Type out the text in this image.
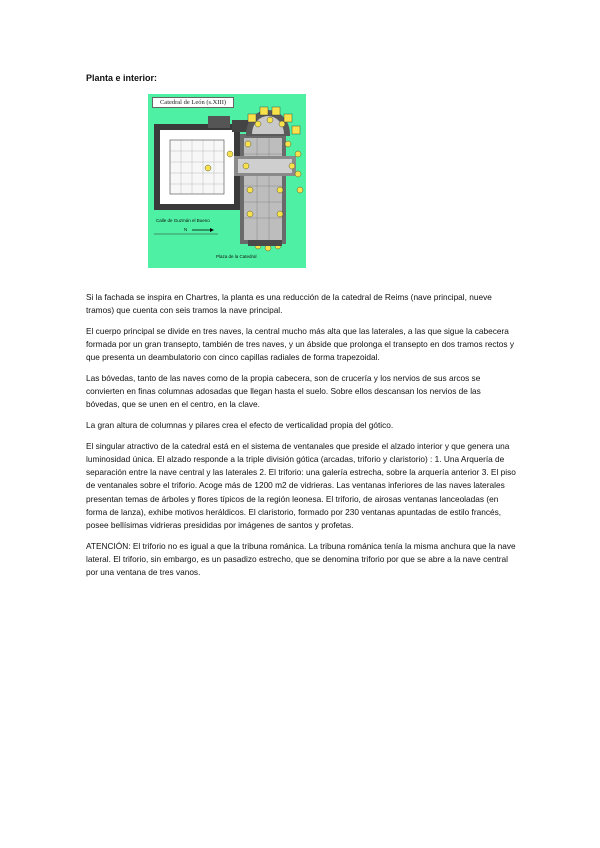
Planta e interior:
Catedral de León (s.XIII)
Calle de Guzmán el Bueno
N
Plaza de la Catedral

Si la fachada se inspira en Chartres, la planta es una reducción de la catedral de Reims (nave principal, nueve tramos) que cuenta con seis tramos la nave principal.

El cuerpo principal se divide en tres naves, la central mucho más alta que las laterales, a las que sigue la cabecera formada por un gran transepto, también de tres naves, y un ábside que prolonga el transepto en dos tramos rectos y que presenta un deambulatorio con cinco capillas radiales de forma trapezoidal.

Las bóvedas, tanto de las naves como de la propia cabecera, son de crucería y los nervios de sus arcos se convierten en finas columnas adosadas que llegan hasta el suelo. Sobre ellos descansan los nervios de las bóvedas, que se unen en el centro, en la clave.

La gran altura de columnas y pilares crea el efecto de verticalidad propia del gótico.

El singular atractivo de la catedral está en el sistema de ventanales que preside el alzado interior y que genera una luminosidad única. El alzado responde a la triple división gótica (arcadas, triforio y claristorio) : 1. Una Arquería de separación entre la nave central y las laterales 2. El triforio: una galería estrecha, sobre la arquería anterior 3. El piso de ventanales sobre el triforio. Acoge más de 1200 m2 de vidrieras. Las ventanas inferiores de las naves laterales presentan temas de árboles y flores típicos de la región leonesa. El triforio, de airosas ventanas lanceoladas (en forma de lanza), exhibe motivos heráldicos. El claristorio, formado por 230 ventanas apuntadas de estilo francés, posee bellísimas vidrieras presididas por imágenes de santos y profetas.

ATENCIÓN: El triforio no es igual a que la tribuna románica. La tribuna románica tenía la misma anchura que la nave lateral. El triforio, sin embargo, es un pasadizo estrecho, que se denomina triforio por que se abre a la nave central por una ventana de tres vanos.
